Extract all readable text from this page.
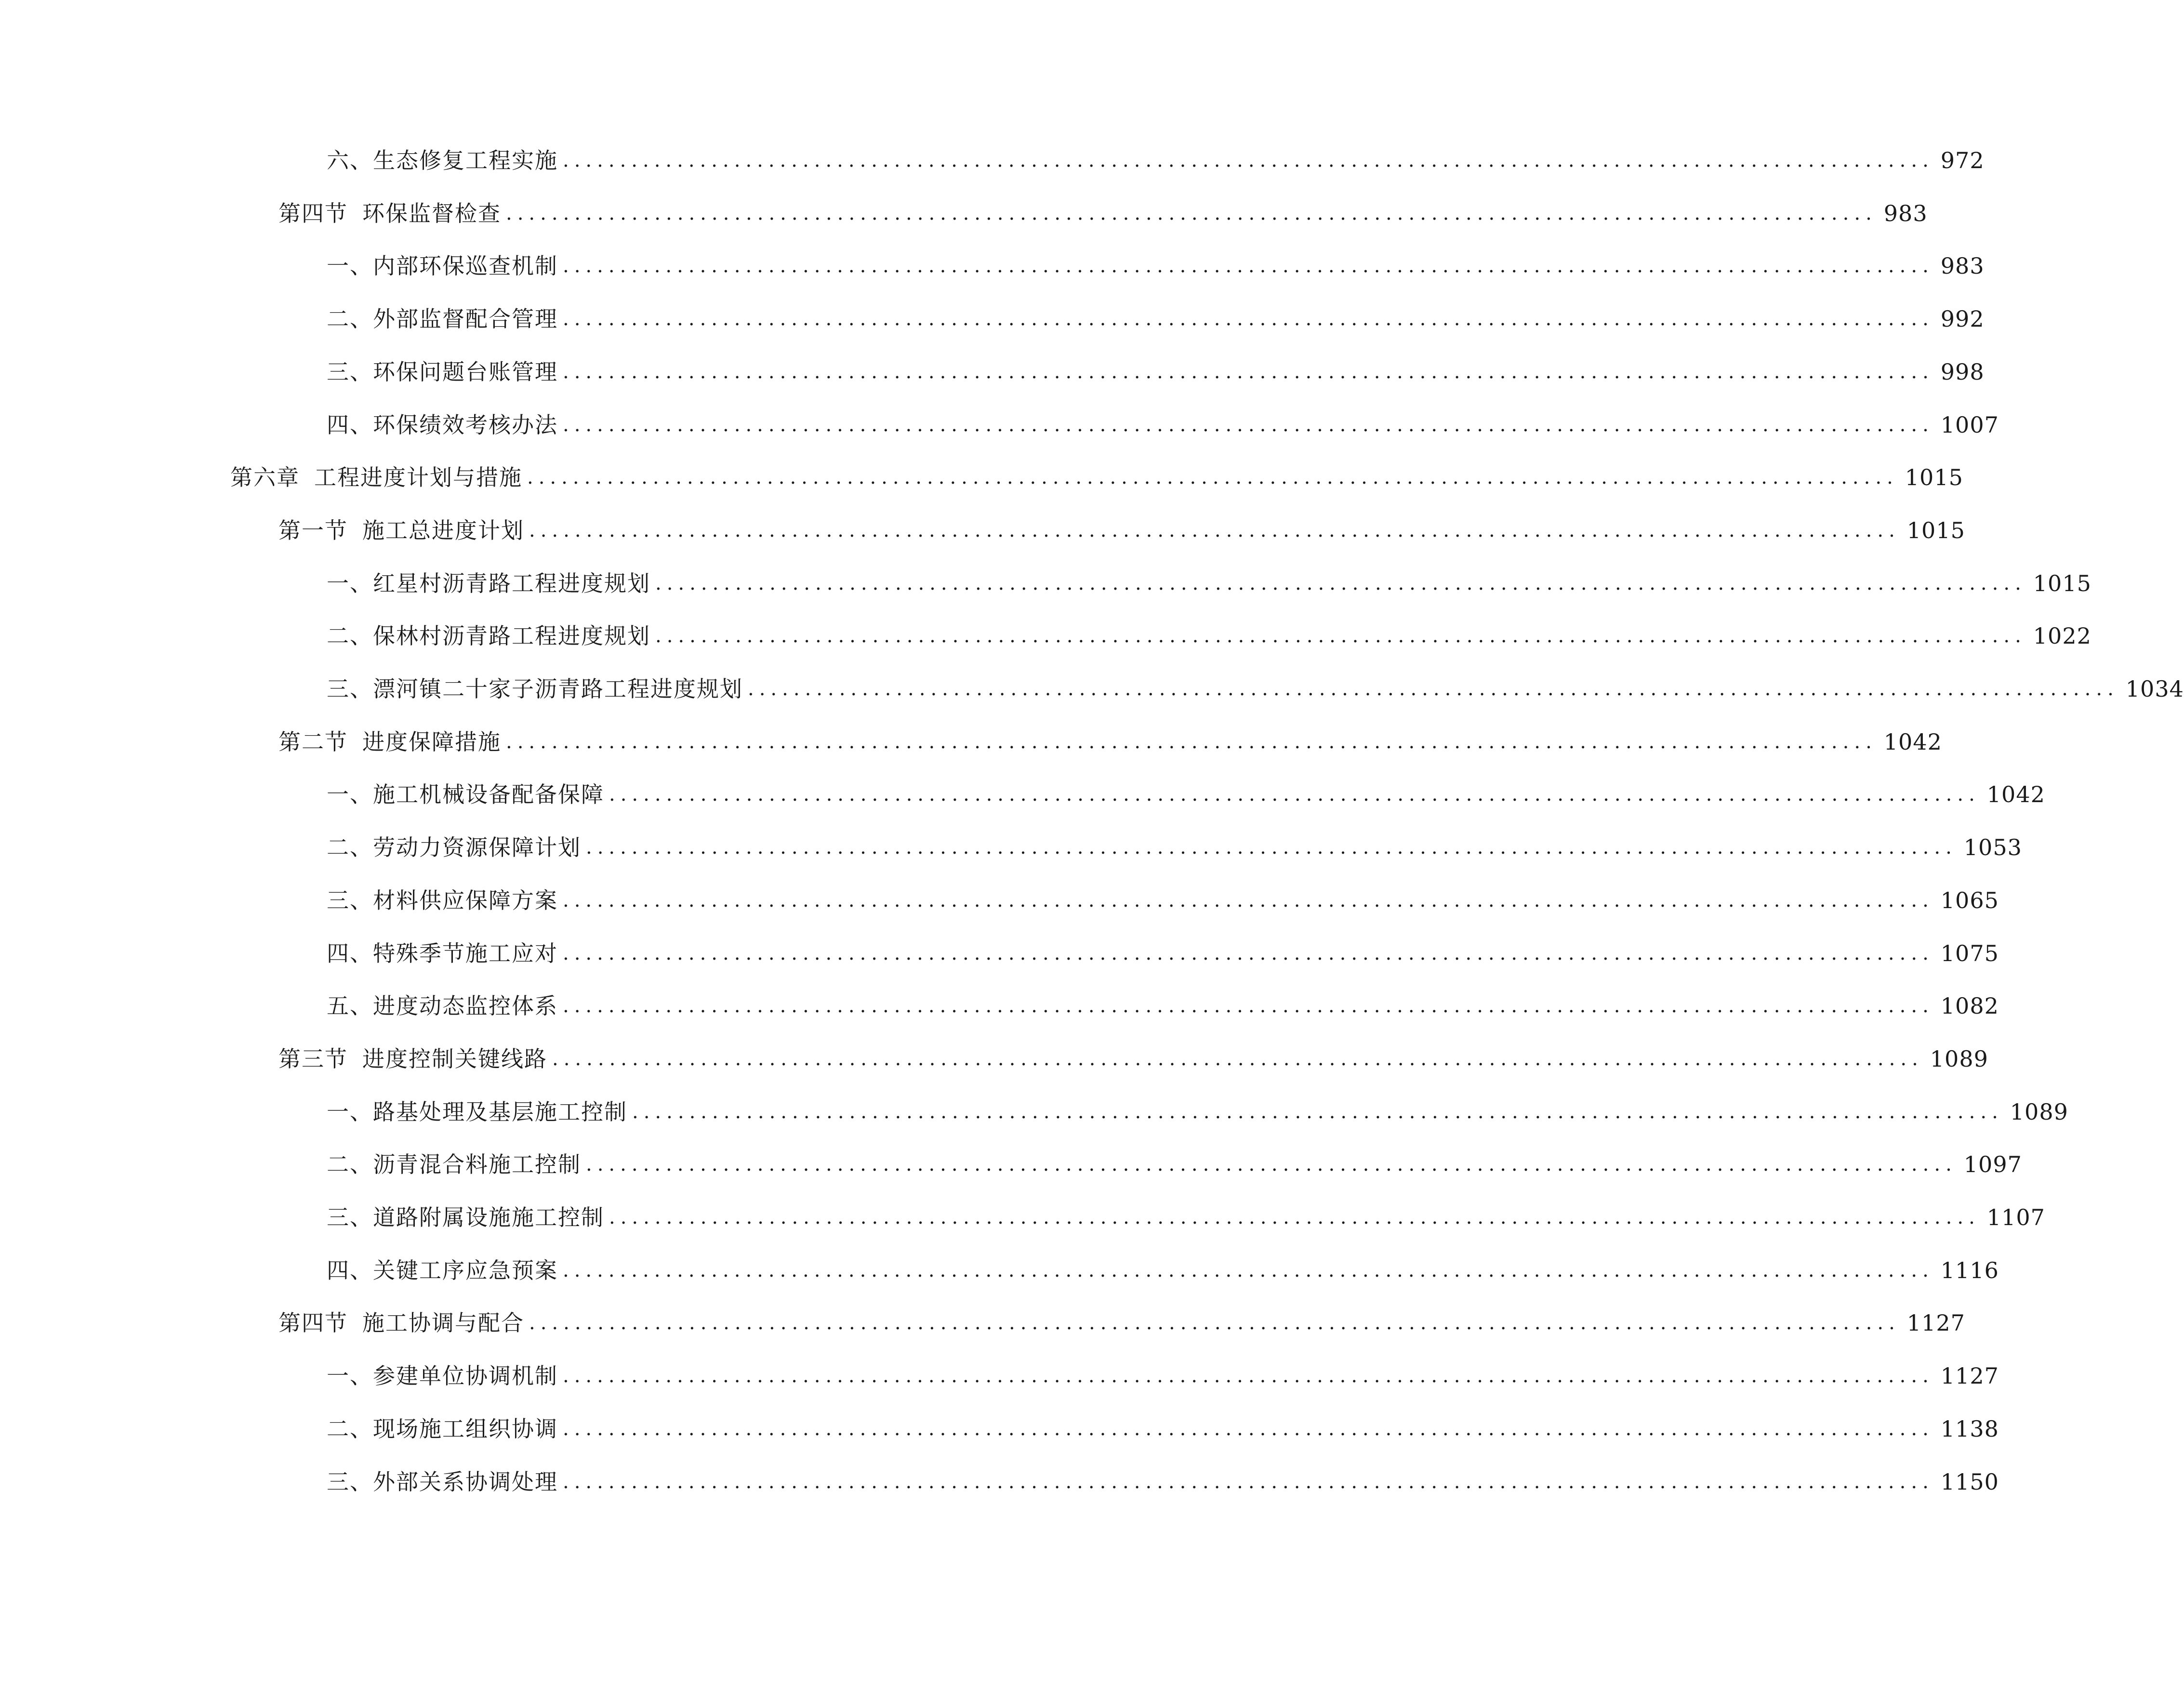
六、 生态修复工程实施 ........................................................................................................................ 972
第四节 环保监督检查 ........................................................................................................................ 983
一、 内部环保巡查机制 ........................................................................................................................ 983
二、 外部监督配合管理 ........................................................................................................................ 992
三、 环保问题台账管理 ........................................................................................................................ 998
四、 环保绩效考核办法 ........................................................................................................................ 1007
第六章 工程进度计划与措施 ........................................................................................................................ 1015
第一节 施工总进度计划 ........................................................................................................................ 1015
一、 红星村沥青路工程进度规划 ........................................................................................................................ 1015
二、 保林村沥青路工程进度规划 ........................................................................................................................ 1022
三、 漂河镇二十家子沥青路工程进度规划 ........................................................................................................................ 1034
第二节 进度保障措施 ........................................................................................................................ 1042
一、 施工机械设备配备保障 ........................................................................................................................ 1042
二、 劳动力资源保障计划 ........................................................................................................................ 1053
三、 材料供应保障方案 ........................................................................................................................ 1065
四、 特殊季节施工应对 ........................................................................................................................ 1075
五、 进度动态监控体系 ........................................................................................................................ 1082
第三节 进度控制关键线路 ........................................................................................................................ 1089
一、 路基处理及基层施工控制 ........................................................................................................................ 1089
二、 沥青混合料施工控制 ........................................................................................................................ 1097
三、 道路附属设施施工控制 ........................................................................................................................ 1107
四、 关键工序应急预案 ........................................................................................................................ 1116
第四节 施工协调与配合 ........................................................................................................................ 1127
一、 参建单位协调机制 ........................................................................................................................ 1127
二、 现场施工组织协调 ........................................................................................................................ 1138
三、 外部关系协调处理 ........................................................................................................................ 1150
